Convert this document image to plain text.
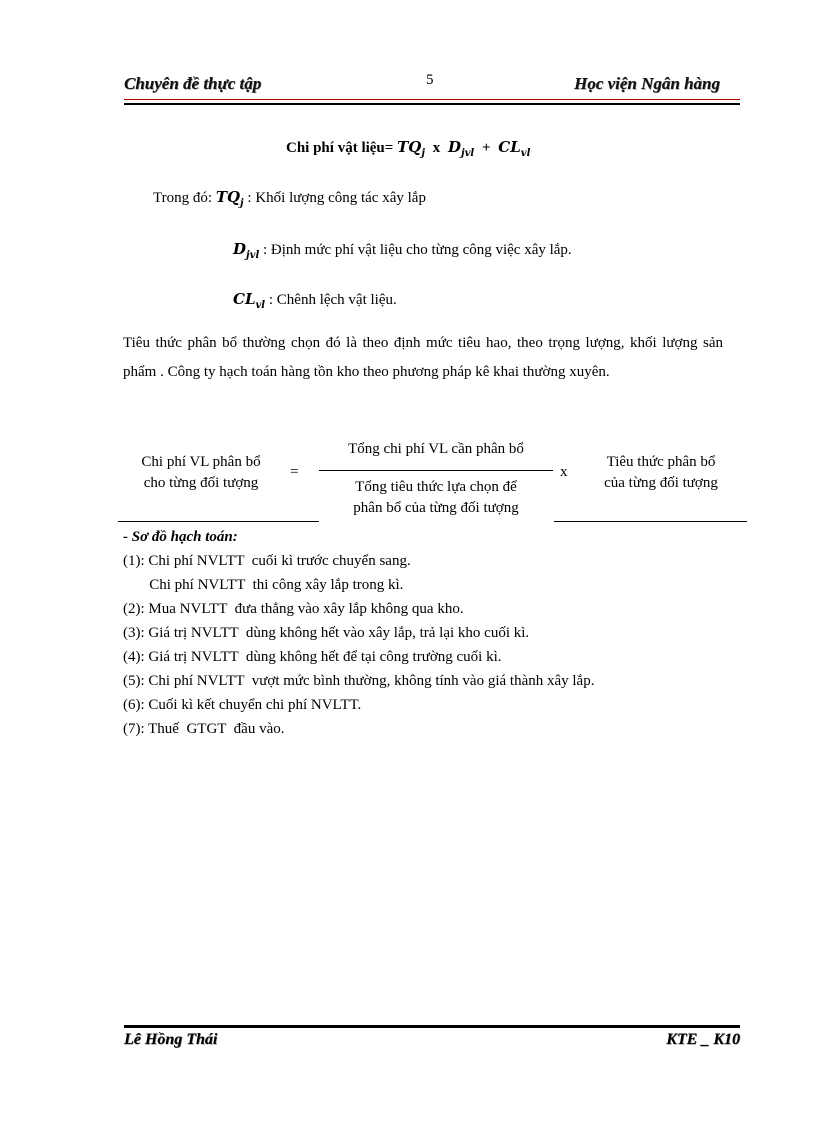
Chuyên đề thực tập	5	Học viện Ngân hàng
Chi phí vật liệu= $TQ_j$ x $D_{jvl} + CL_{vl}$
Trong đó: $TQ_j$ : Khối lượng công tác xây lắp
$D_{jvl}$ : Định mức phí vật liệu cho từng công việc xây lắp.
$CL_{vl}$ : Chênh lệch vật liệu.
Tiêu thức phân bổ thường chọn đó là theo định mức tiêu hao, theo trọng lượng, khối lượng sản phẩm . Công ty hạch toán hàng tồn kho theo phương pháp kê khai thường xuyên.
Chi phí VL phân bổ
cho từng đối tượng
=
Tổng chi phí VL cần phân bổ
Tổng tiêu thức lựa chọn để
phân bổ của từng đối tượng
x
Tiêu thức phân bổ
của từng đối tượng
- Sơ đồ hạch toán:
(1): Chi phí NVLTT  cuối kì trước chuyển sang.
Chi phí NVLTT  thi công xây lắp trong kì.
(2): Mua NVLTT  đưa thẳng vào xây lắp không qua kho.
(3): Giá trị NVLTT  dùng không hết vào xây lắp, trả lại kho cuối kì.
(4): Giá trị NVLTT  dùng không hết để tại công trường cuối kì.
(5): Chi phí NVLTT  vượt mức bình thường, không tính vào giá thành xây lắp.
(6): Cuối kì kết chuyển chi phí NVLTT.
(7): Thuế  GTGT  đầu vào.
Lê Hồng Thái	KTE _ K10
